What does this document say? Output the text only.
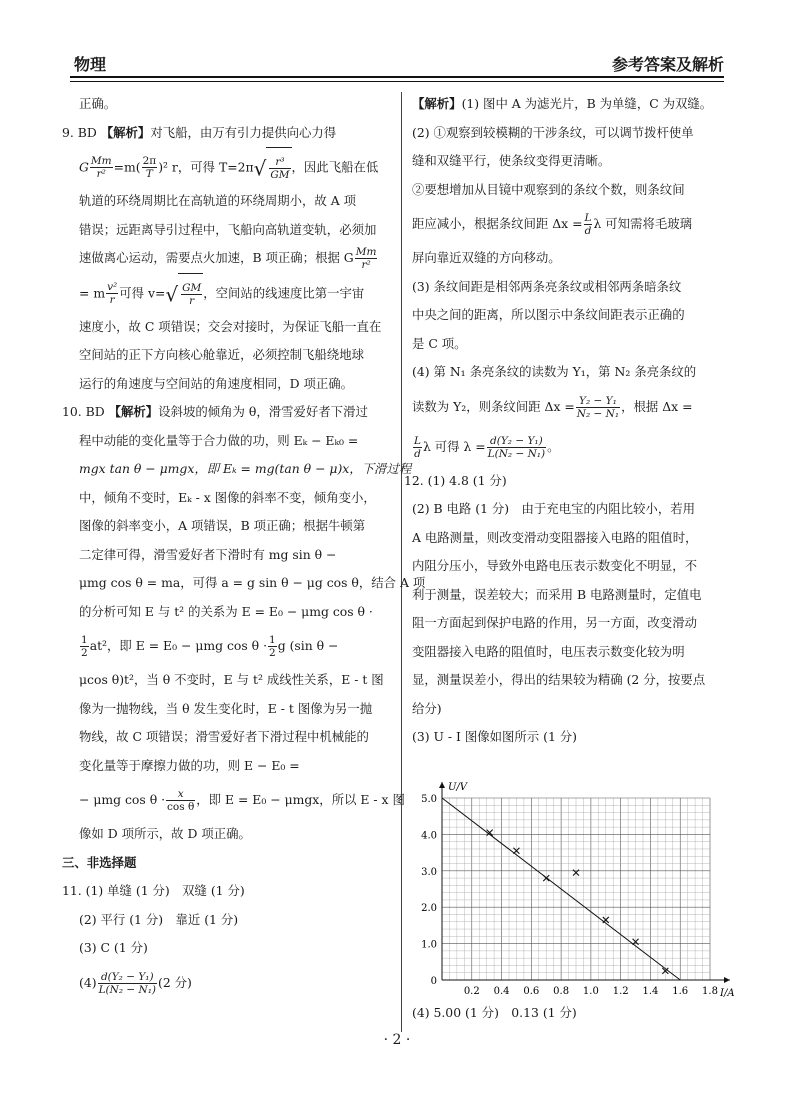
物理	参考答案及解析
正确。
9. BD 【解析】对飞船，由万有引力提供向心力得
G $\frac{Mm}{\text{r²}} =m( \frac{2\pi}{T} )^2$ r，可得 $T=2\pi√ \frac{\text{r³}}{GM}$ ，因此飞船在低
轨道的环绕周期比在高轨道的环绕周期小，故 A 项
错误；远距离导引过程中，飞船向高轨道变轨，必须加
速做离心运动，需要点火加速，B 项正确；根据 G $\frac{Mm}{\text{r²}}$
= m $\frac{\text{v²}}{r}$ 可得 $v=√ \frac{GM}{r}$ ，空间站的线速度比第一宇宙
速度小，故 C 项错误；交会对接时，为保证飞船一直在
空间站的正下方向核心舱靠近，必须控制飞船绕地球
运行的角速度与空间站的角速度相同，D 项正确。
10. BD 【解析】设斜坡的倾角为 θ，滑雪爱好者下滑过
程中动能的变化量等于合力做的功，则 Eₖ − Eₖ₀ =
mgx tan θ − μmgx，即 Eₖ = mg(tan θ − μ)x，下滑过程
中，倾角不变时，Eₖ - x 图像的斜率不变，倾角变小，
图像的斜率变小，A 项错误，B 项正确；根据牛顿第
二定律可得，滑雪爱好者下滑时有 mg sin θ −
μmg cos θ = ma，可得 a = g sin θ − μg cos θ，结合 A 项
的分析可知 E 与 t² 的关系为 E = E₀ − μmg cos θ ·
$\frac{1}{2} at^2$，即 E = E₀ − μmg $\cos \theta \cdot \frac{1}{2}$ g (sin θ −
μcos θ)t²，当 θ 不变时，E 与 t² 成线性关系，E - t 图
像为一抛物线，当 θ 发生变化时，E - t 图像为另一抛
物线，故 C 项错误；滑雪爱好者下滑过程中机械能的
变化量等于摩擦力做的功，则 E − E₀ =
− μmg $\cos \theta \cdot \frac{x}{\text{cos θ}}$ ，即 E = E₀ − μmgx，所以 E - x 图
像如 D 项所示，故 D 项正确。
三、非选择题
11. (1) 单缝 (1 分)　双缝 (1 分)
(2) 平行 (1 分)　靠近 (1 分)
(3) C (1 分)
$(4) \frac{\text{d(Y₂ − Y₁)}}{\text{L(N₂ − N₁)}} (2$ 分)
【解析】(1) 图中 A 为滤光片，B 为单缝，C 为双缝。
(2) ①观察到较模糊的干涉条纹，可以调节拨杆使单
缝和双缝平行，使条纹变得更清晰。
②要想增加从目镜中观察到的条纹个数，则条纹间
距应减小，根据条纹间距 $\Delta x = \frac{L}{d}$ λ 可知需将毛玻璃
屏向靠近双缝的方向移动。
(3) 条纹间距是相邻两条亮条纹或相邻两条暗条纹
中央之间的距离，所以图示中条纹间距表示正确的
是 C 项。
(4) 第 N₁ 条亮条纹的读数为 Y₁，第 N₂ 条亮条纹的
读数为 Y₂，则条纹间距 $\Delta x = \frac{\text{Y₂ − Y₁}}{\text{N₂ − N₁}}$ ，根据 Δx =
$\frac{L}{d}$ λ 可得 $\lambda = \frac{\text{d(Y₂ − Y₁)}}{\text{L(N₂ − N₁)}}$ 。
12. (1) 4.8 (1 分)
(2) B 电路 (1 分)　由于充电宝的内阻比较小，若用
A 电路测量，则改变滑动变阻器接入电路的阻值时，
内阻分压小，导致外电路电压表示数变化不明显，不
利于测量，误差较大；而采用 B 电路测量时，定值电
阻一方面起到保护电路的作用，另一方面，改变滑动
变阻器接入电路的阻值时，电压表示数变化较为明
显，测量误差小，得出的结果较为精确 (2 分，按要点
给分)
(3) U - I 图像如图所示 (1 分)
U/V
I/A
0.2 0.4 0.6 0.8 1.0 1.2 1.4 1.6 1.8
0
1.0
2.0
3.0
4.0
5.0
(4) 5.00 (1 分)　0.13 (1 分)
· 2 ·
